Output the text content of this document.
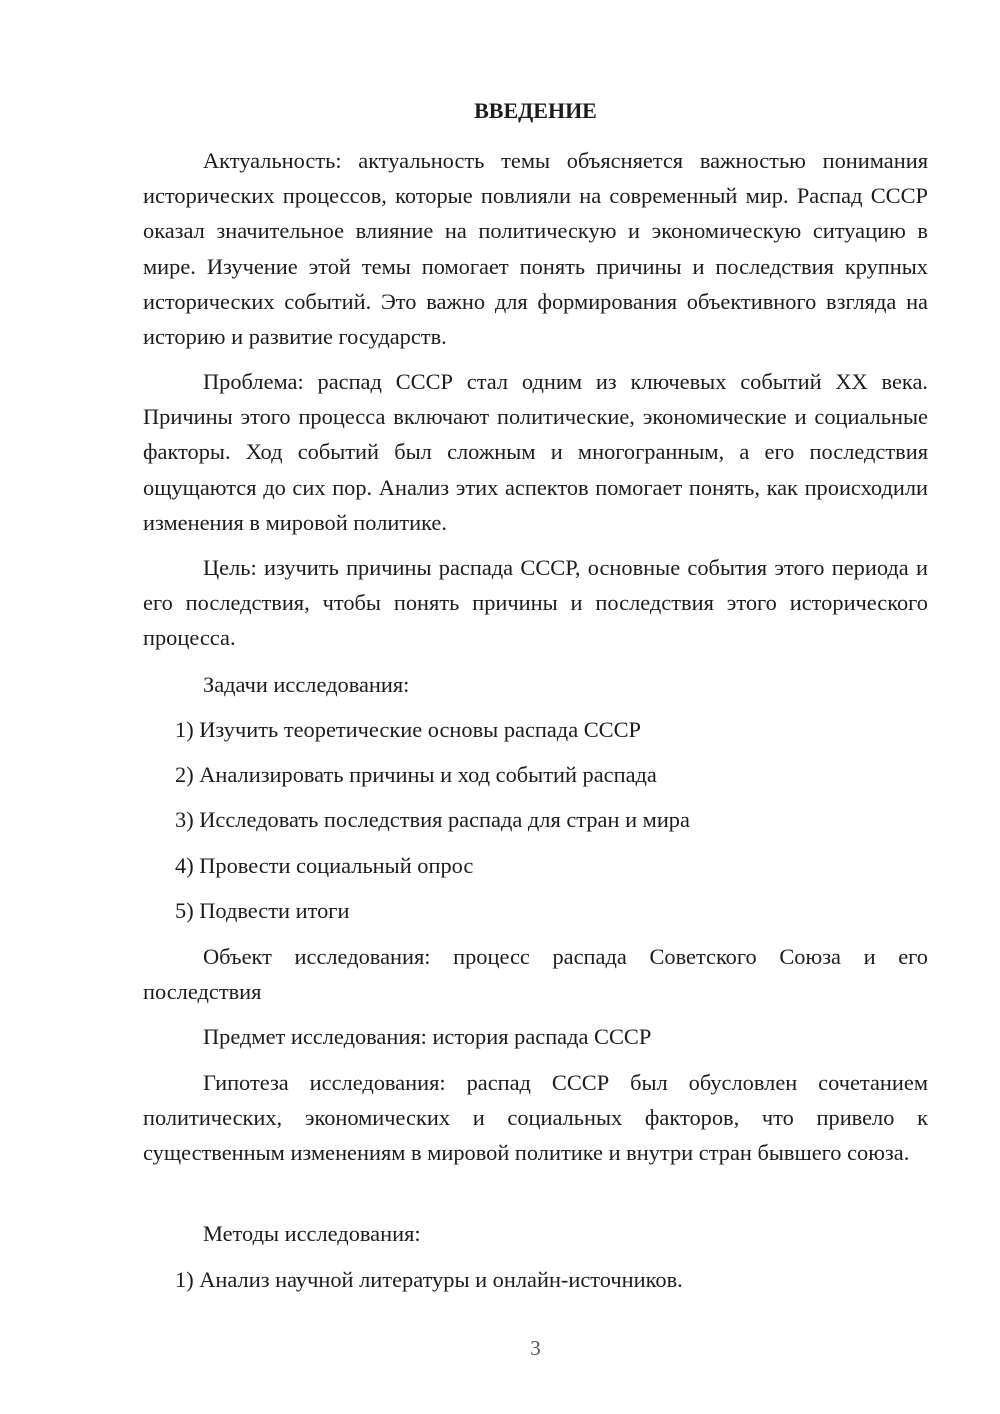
ВВЕДЕНИЕ

Актуальность: актуальность темы объясняется важностью понимания исторических процессов, которые повлияли на современный мир. Распад СССР оказал значительное влияние на политическую и экономическую ситуацию в мире. Изучение этой темы помогает понять причины и последствия крупных исторических событий. Это важно для формирования объективного взгляда на историю и развитие государств.

Проблема: распад СССР стал одним из ключевых событий XX века. Причины этого процесса включают политические, экономические и социальные факторы. Ход событий был сложным и многогранным, а его последствия ощущаются до сих пор. Анализ этих аспектов помогает понять, как происходили изменения в мировой политике.

Цель: изучить причины распада СССР, основные события этого периода и его последствия, чтобы понять причины и последствия этого исторического процесса.

Задачи исследования:

1) Изучить теоретические основы распада СССР

2) Анализировать причины и ход событий распада

3) Исследовать последствия распада для стран и мира

4) Провести социальный опрос

5) Подвести итоги

Объект исследования: процесс распада Советского Союза и его последствия

Предмет исследования: история распада СССР

Гипотеза исследования: распад СССР был обусловлен сочетанием политических, экономических и социальных факторов, что привело к существенным изменениям в мировой политике и внутри стран бывшего союза.

Методы исследования:

1) Анализ научной литературы и онлайн-источников.

3
